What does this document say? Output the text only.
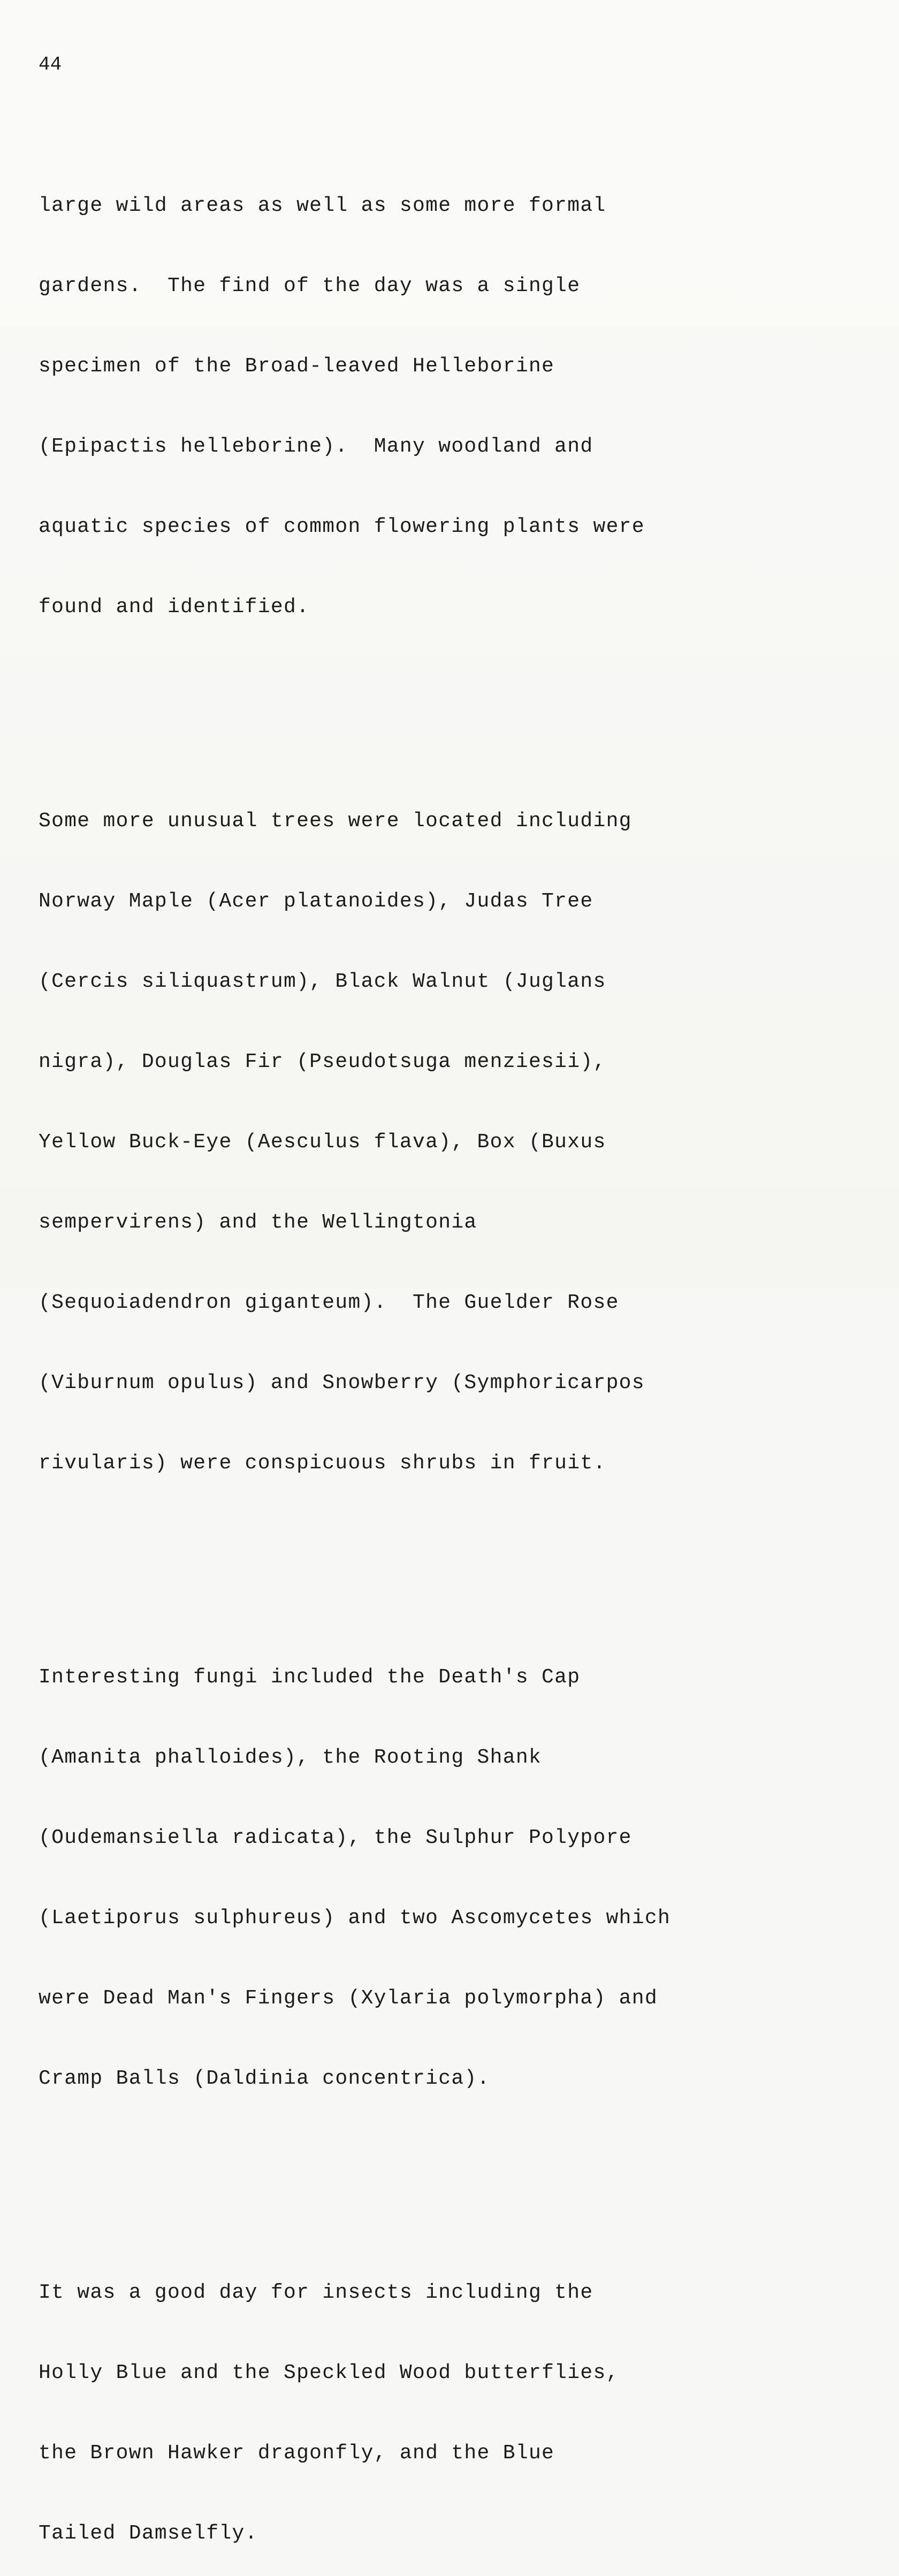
44

large wild areas as well as some more formal

gardens.  The find of the day was a single

specimen of the Broad-leaved Helleborine

(Epipactis helleborine).  Many woodland and

aquatic species of common flowering plants were

found and identified.

Some more unusual trees were located including

Norway Maple (Acer platanoides), Judas Tree

(Cercis siliquastrum), Black Walnut (Juglans

nigra), Douglas Fir (Pseudotsuga menziesii),

Yellow Buck-Eye (Aesculus flava), Box (Buxus

sempervirens) and the Wellingtonia

(Sequoiadendron giganteum).  The Guelder Rose

(Viburnum opulus) and Snowberry (Symphoricarpos

rivularis) were conspicuous shrubs in fruit.

Interesting fungi included the Death's Cap

(Amanita phalloides), the Rooting Shank

(Oudemansiella radicata), the Sulphur Polypore

(Laetiporus sulphureus) and two Ascomycetes which

were Dead Man's Fingers (Xylaria polymorpha) and

Cramp Balls (Daldinia concentrica).

It was a good day for insects including the

Holly Blue and the Speckled Wood butterflies,

the Brown Hawker dragonfly, and the Blue

Tailed Damselfly.
